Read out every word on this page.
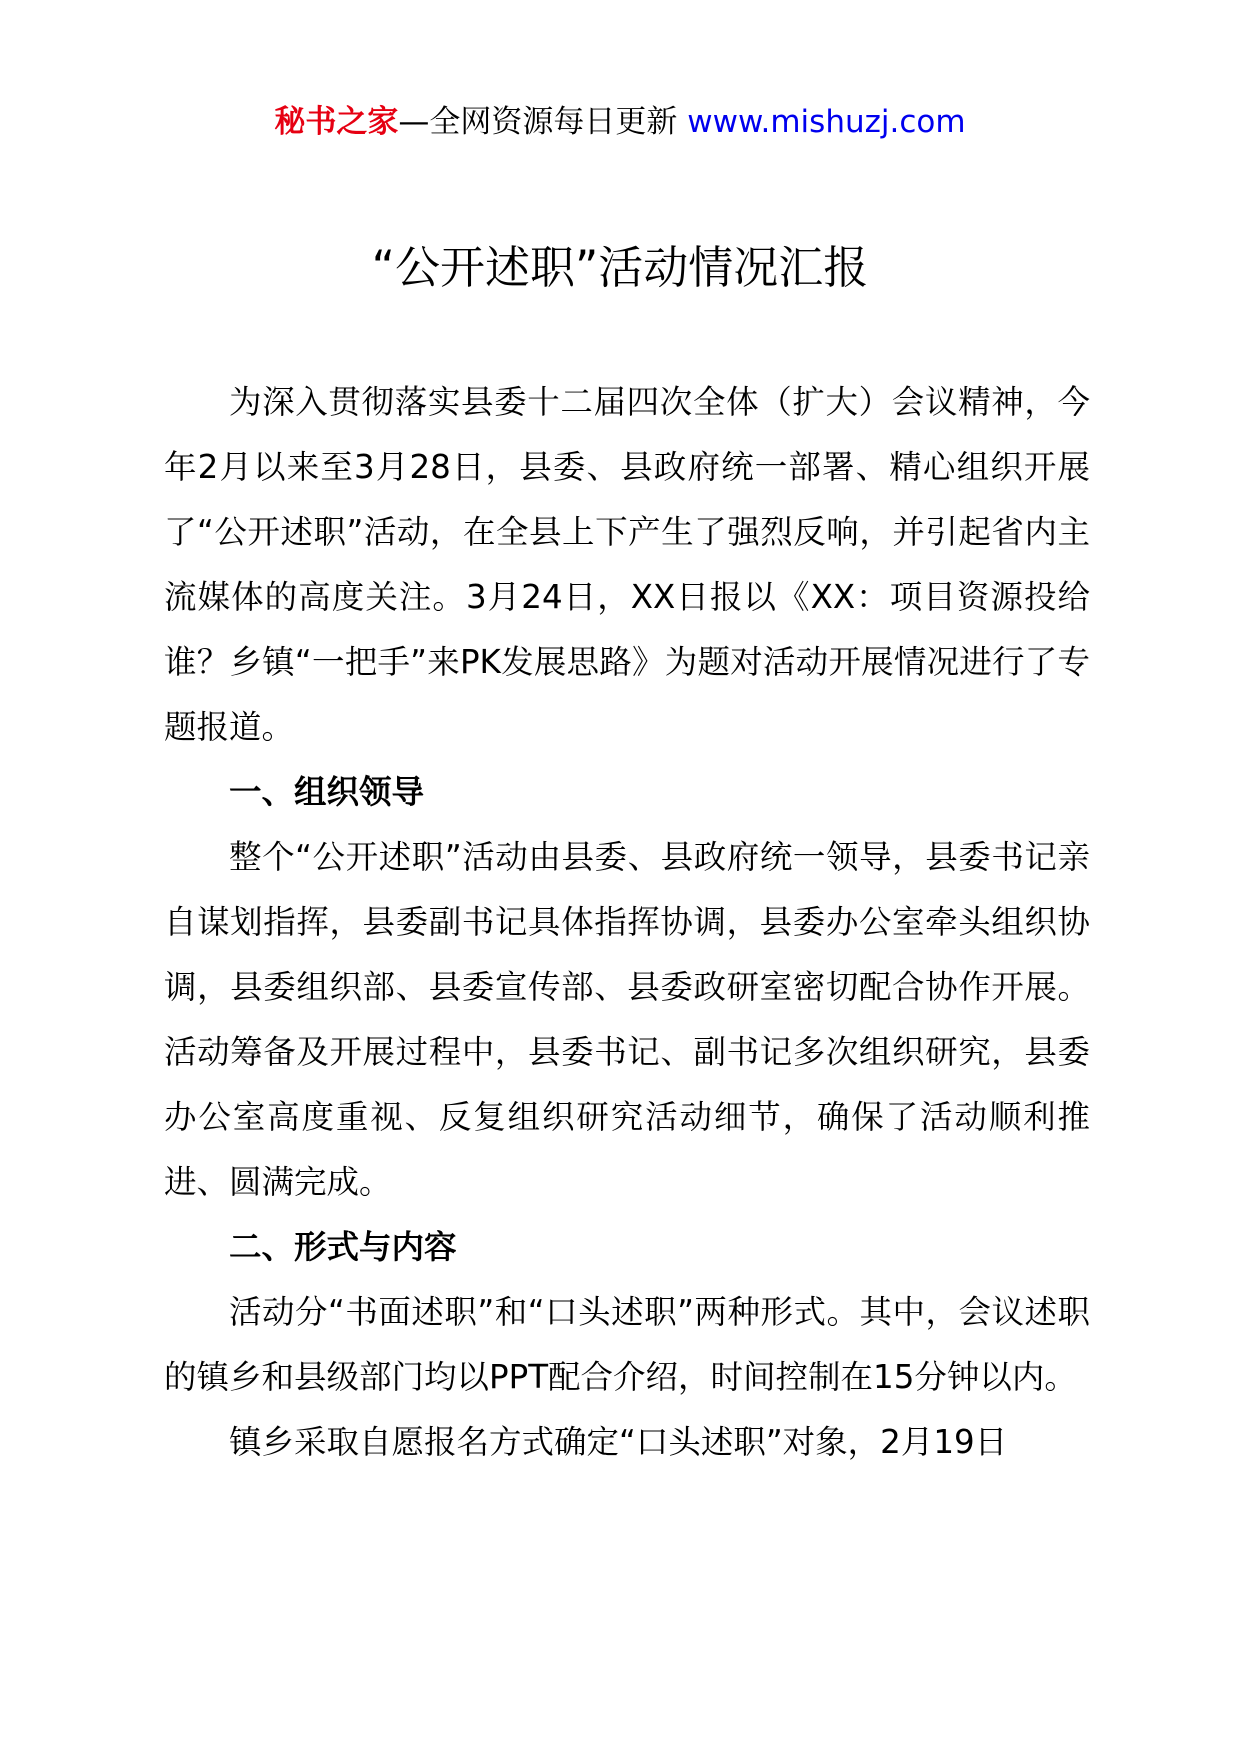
秘书之家—全网资源每日更新 www.mishuzj.com
“公开述职”活动情况汇报

为深入贯彻落实县委十二届四次全体（扩大）会议精神，今年2月以来至3月28日，县委、县政府统一部署、精心组织开展了“公开述职”活动，在全县上下产生了强烈反响，并引起省内主流媒体的高度关注。3月24日，XX日报以《XX：项目资源投给谁？乡镇“一把手”来PK发展思路》为题对活动开展情况进行了专题报道。

一、组织领导

整个“公开述职”活动由县委、县政府统一领导，县委书记亲自谋划指挥，县委副书记具体指挥协调，县委办公室牵头组织协调，县委组织部、县委宣传部、县委政研室密切配合协作开展。活动筹备及开展过程中，县委书记、副书记多次组织研究，县委办公室高度重视、反复组织研究活动细节，确保了活动顺利推进、圆满完成。

二、形式与内容

活动分“书面述职”和“口头述职”两种形式。其中，会议述职的镇乡和县级部门均以PPT配合介绍，时间控制在15分钟以内。

镇乡采取自愿报名方式确定“口头述职”对象，2月19日
